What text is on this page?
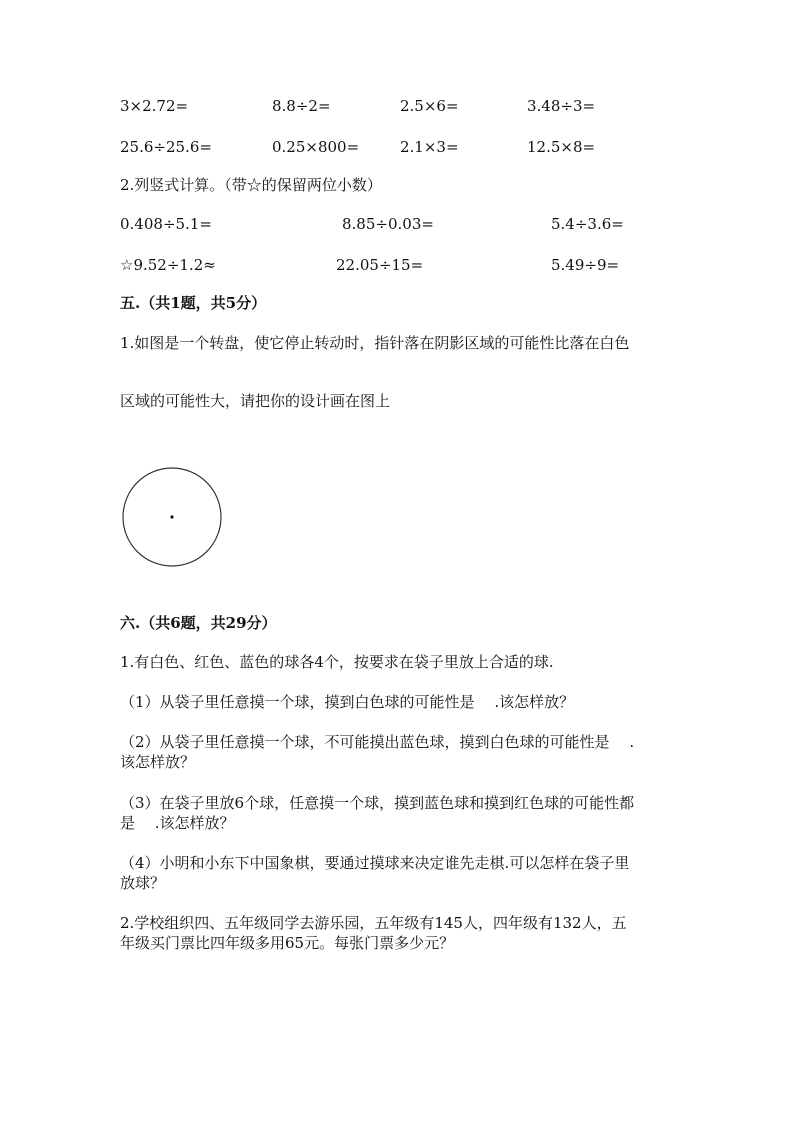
3×2.72=	8.8÷2=	2.5×6=	3.48÷3=
25.6÷25.6=	0.25×800=	2.1×3=	12.5×8=
2.列竖式计算。（带☆的保留两位小数）
0.408÷5.1=	8.85÷0.03=	5.4÷3.6=
☆9.52÷1.2≈	22.05÷15=	5.49÷9=
五.（共1题，共5分）
1.如图是一个转盘，使它停止转动时，指针落在阴影区域的可能性比落在白色
区域的可能性大，请把你的设计画在图上
六.（共6题，共29分）
1.有白色、红色、蓝色的球各4个，按要求在袋子里放上合适的球.
（1）从袋子里任意摸一个球，摸到白色球的可能性是　 .该怎样放？
（2）从袋子里任意摸一个球，不可能摸出蓝色球，摸到白色球的可能性是　 .
该怎样放？
（3）在袋子里放6个球，任意摸一个球，摸到蓝色球和摸到红色球的可能性都
是　 .该怎样放？
（4）小明和小东下中国象棋，要通过摸球来决定谁先走棋.可以怎样在袋子里
放球？
2.学校组织四、五年级同学去游乐园，五年级有145人，四年级有132人，五
年级买门票比四年级多用65元。每张门票多少元？
